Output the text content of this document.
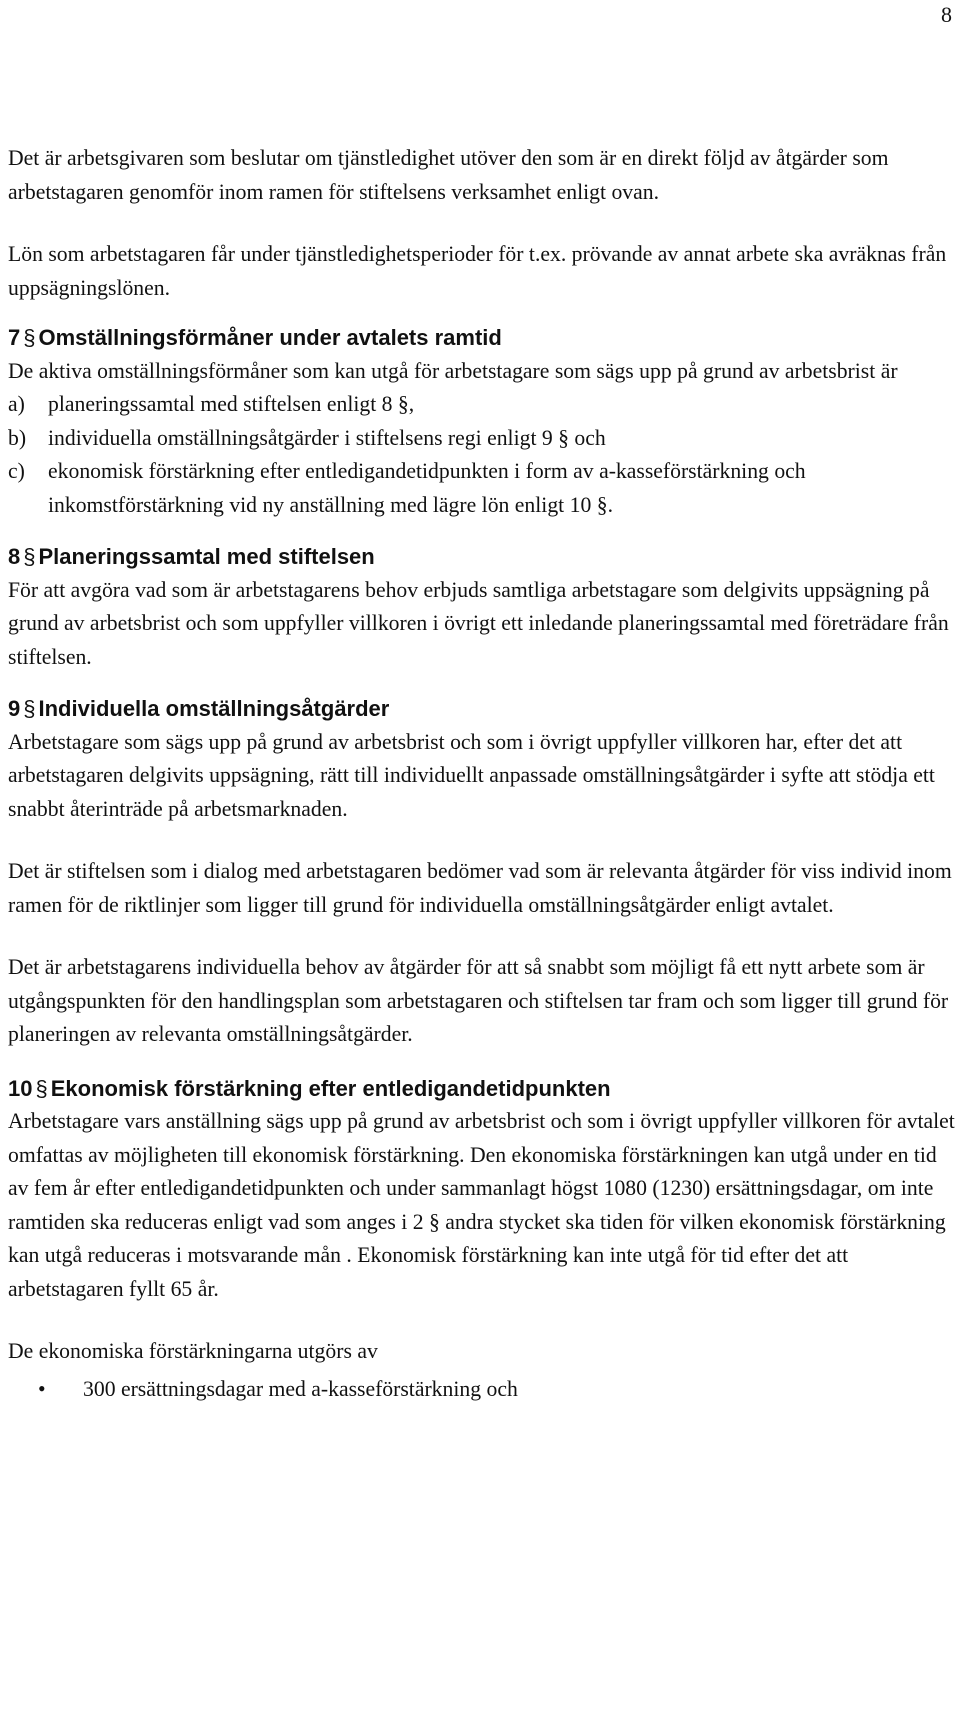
8

Det är arbetsgivaren som beslutar om tjänstledighet utöver den som är en direkt följd av åtgärder som arbetstagaren genomför inom ramen för stiftelsens verksamhet enligt ovan.

Lön som arbetstagaren får under tjänstledighetsperioder för t.ex. prövande av annat arbete ska avräknas från uppsägningslönen.

7 § Omställningsförmåner under avtalets ramtid

De aktiva omställningsförmåner som kan utgå för arbetstagare som sägs upp på grund av arbetsbrist är

a)	planeringssamtal med stiftelsen enligt 8 §,
b)	individuella omställningsåtgärder i stiftelsens regi enligt 9 § och
c)	ekonomisk förstärkning efter entledigandetidpunkten i form av a-kasseförstärkning och inkomstförstärkning vid ny anställning med lägre lön enligt 10 §.
8 § Planeringssamtal med stiftelsen

För att avgöra vad som är arbetstagarens behov erbjuds samtliga arbetstagare som delgivits uppsägning på grund av arbetsbrist och som uppfyller villkoren i övrigt ett inledande planeringssamtal med företrädare från stiftelsen.

9 § Individuella omställningsåtgärder

Arbetstagare som sägs upp på grund av arbetsbrist och som i övrigt uppfyller villkoren har, efter det att arbetstagaren delgivits uppsägning, rätt till individuellt anpassade omställningsåtgärder i syfte att stödja ett snabbt återinträde på arbetsmarknaden.

Det är stiftelsen som i dialog med arbetstagaren bedömer vad som är relevanta åtgärder för viss individ inom ramen för de riktlinjer som ligger till grund för individuella omställningsåtgärder enligt avtalet.

Det är arbetstagarens individuella behov av åtgärder för att så snabbt som möjligt få ett nytt arbete som är utgångspunkten för den handlingsplan som arbetstagaren och stiftelsen tar fram och som ligger till grund för planeringen av relevanta omställningsåtgärder.

10 § Ekonomisk förstärkning efter entledigandetidpunkten

Arbetstagare vars anställning sägs upp på grund av arbetsbrist och som i övrigt uppfyller villkoren för avtalet omfattas av möjligheten till ekonomisk förstärkning. Den ekonomiska förstärkningen kan utgå under en tid av fem år efter entledigandetidpunkten och under sammanlagt högst 1080 (1230) ersättningsdagar, om inte ramtiden ska reduceras enligt vad som anges i 2 § andra stycket ska tiden för vilken ekonomisk förstärkning kan utgå reduceras i motsvarande mån . Ekonomisk förstärkning kan inte utgå för tid efter det att arbetstagaren fyllt 65 år.

De ekonomiska förstärkningarna utgörs av

•	300 ersättningsdagar med a-kasseförstärkning och
